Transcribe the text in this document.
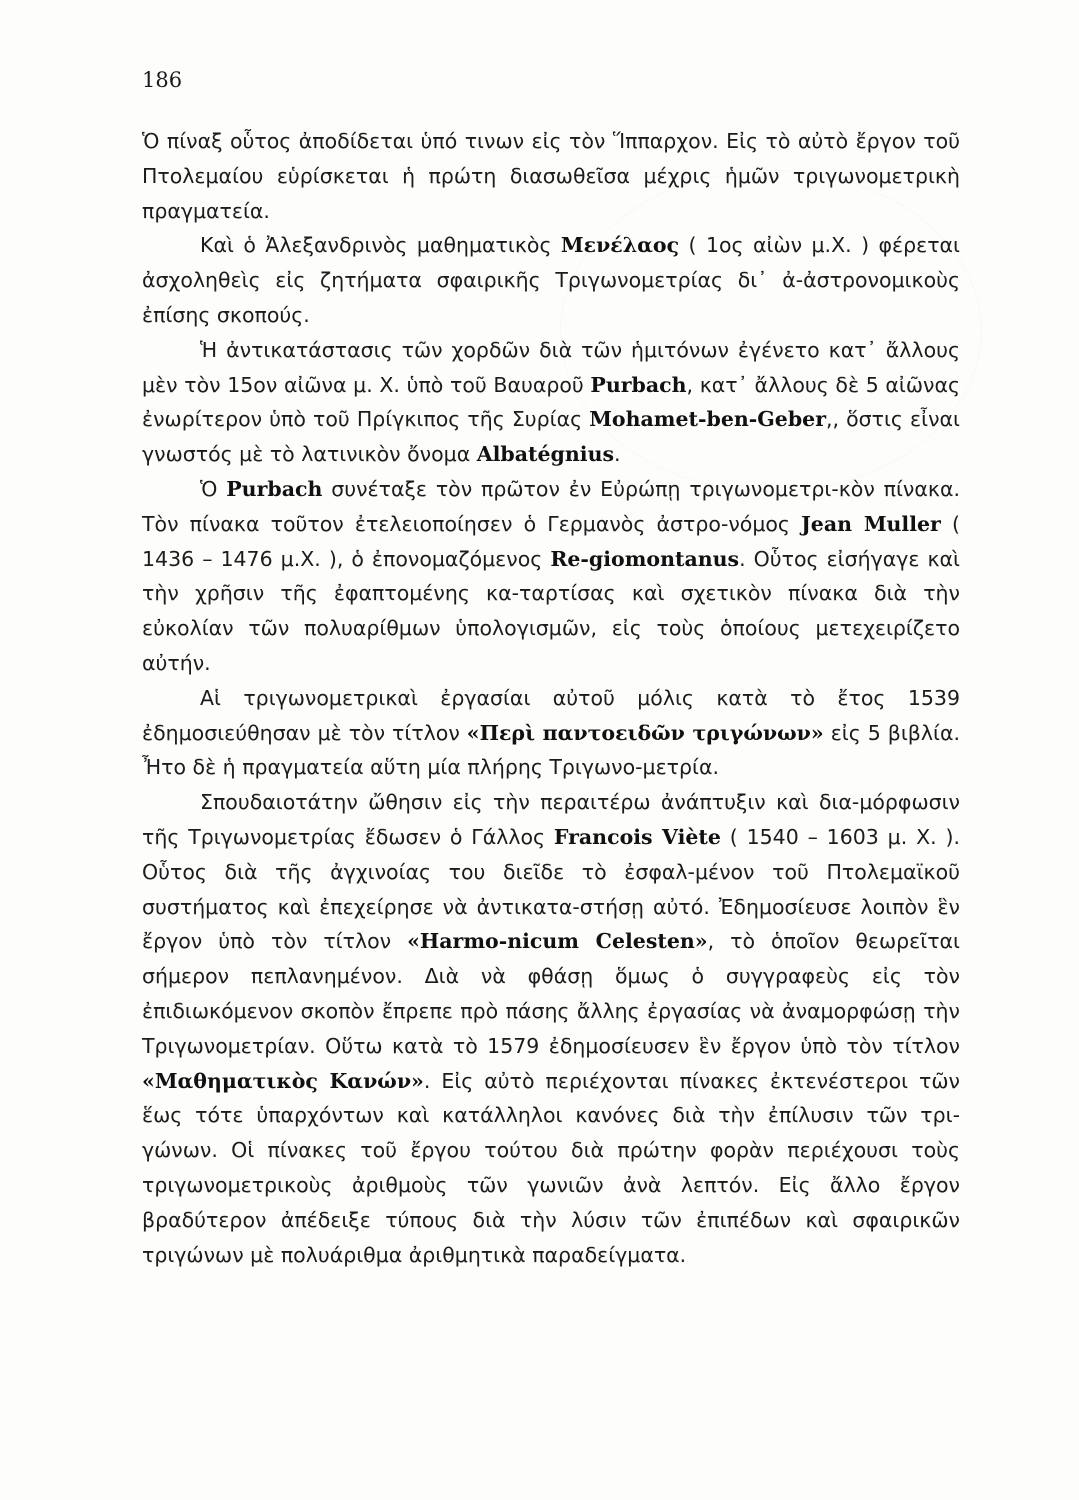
186

Ὁ πίναξ οὗτος ἀποδίδεται ὑπό τινων εἰς τὸν Ἵππαρχον. Εἰς τὸ αὐτὸ ἔργον τοῦ Πτολεμαίου εὑρίσκεται ἡ πρώτη διασωθεῖσα μέχρις ἡμῶν τριγωνομετρικὴ πραγματεία.

Καὶ ὁ Ἀλεξανδρινὸς μαθηματικὸς Μενέλαος ( 1ος αἰὼν μ.Χ. ) φέρεται ἀσχοληθεὶς εἰς ζητήματα σφαιρικῆς Τριγωνομετρίας δι᾽ ἀ-ἀστρονομικοὺς ἐπίσης σκοπούς.

Ἡ ἀντικατάστασις τῶν χορδῶν διὰ τῶν ἡμιτόνων ἐγένετο κατ᾽ ἄλλους μὲν τὸν 15ον αἰῶνα μ. Χ. ὑπὸ τοῦ Βαυαροῦ Purbach, κατ᾽ ἄλλους δὲ 5 αἰῶνας ἐνωρίτερον ὑπὸ τοῦ Πρίγκιπος τῆς Συρίας Mohamet-ben-Geber,, ὅστις εἶναι γνωστός μὲ τὸ λατινικὸν ὄνομα Albatégnius.

Ὁ Purbach συνέταξε τὸν πρῶτον ἐν Εὐρώπῃ τριγωνομετρι-κὸν πίνακα. Τὸν πίνακα τοῦτον ἐτελειοποίησεν ὁ Γερμανὸς ἀστρο-νόμος Jean Muller ( 1436 – 1476 μ.Χ. ), ὁ ἐπονομαζόμενος Re-giomontanus. Οὗτος εἰσήγαγε καὶ τὴν χρῆσιν τῆς ἐφαπτομένης κα-ταρτίσας καὶ σχετικὸν πίνακα διὰ τὴν εὐκολίαν τῶν πολυαρίθμων ὑπολογισμῶν, εἰς τοὺς ὁποίους μετεχειρίζετο αὐτήν.

Αἱ τριγωνομετρικαὶ ἐργασίαι αὐτοῦ μόλις κατὰ τὸ ἔτος 1539 ἐδημοσιεύθησαν μὲ τὸν τίτλον «Περὶ παντοειδῶν τριγώνων» εἰς 5 βιβλία. Ἦτο δὲ ἡ πραγματεία αὕτη μία πλήρης Τριγωνο-μετρία.

Σπουδαιοτάτην ὤθησιν εἰς τὴν περαιτέρω ἀνάπτυξιν καὶ δια-μόρφωσιν τῆς Τριγωνομετρίας ἔδωσεν ὁ Γάλλος Francois Viète ( 1540 – 1603 μ. Χ. ). Οὗτος διὰ τῆς ἀγχινοίας του διεῖδε τὸ ἐσφαλ-μένον τοῦ Πτολεμαϊκοῦ συστήματος καὶ ἐπεχείρησε νὰ ἀντικατα-στήσῃ αὐτό. Ἐδημοσίευσε λοιπὸν ἓν ἔργον ὑπὸ τὸν τίτλον «Harmo-nicum Celesten», τὸ ὁποῖον θεωρεῖται σήμερον πεπλανημένον. Διὰ νὰ φθάσῃ ὅμως ὁ συγγραφεὺς εἰς τὸν ἐπιδιωκόμενον σκοπὸν ἔπρεπε πρὸ πάσης ἄλλης ἐργασίας νὰ ἀναμορφώσῃ τὴν Τριγωνομετρίαν. Οὕτω κατὰ τὸ 1579 ἐδημοσίευσεν ἓν ἔργον ὑπὸ τὸν τίτλον «Μαθηματικὸς Κανών». Εἰς αὐτὸ περιέχονται πίνακες ἐκτενέστεροι τῶν ἕως τότε ὑπαρχόντων καὶ κατάλληλοι κανόνες διὰ τὴν ἐπίλυσιν τῶν τρι-γώνων. Οἱ πίνακες τοῦ ἔργου τούτου διὰ πρώτην φορὰν περιέχουσι τοὺς τριγωνομετρικοὺς ἀριθμοὺς τῶν γωνιῶν ἀνὰ λεπτόν. Εἰς ἄλλο ἔργον βραδύτερον ἀπέδειξε τύπους διὰ τὴν λύσιν τῶν ἐπιπέδων καὶ σφαιρικῶν τριγώνων μὲ πολυάριθμα ἀριθμητικὰ παραδείγματα.
